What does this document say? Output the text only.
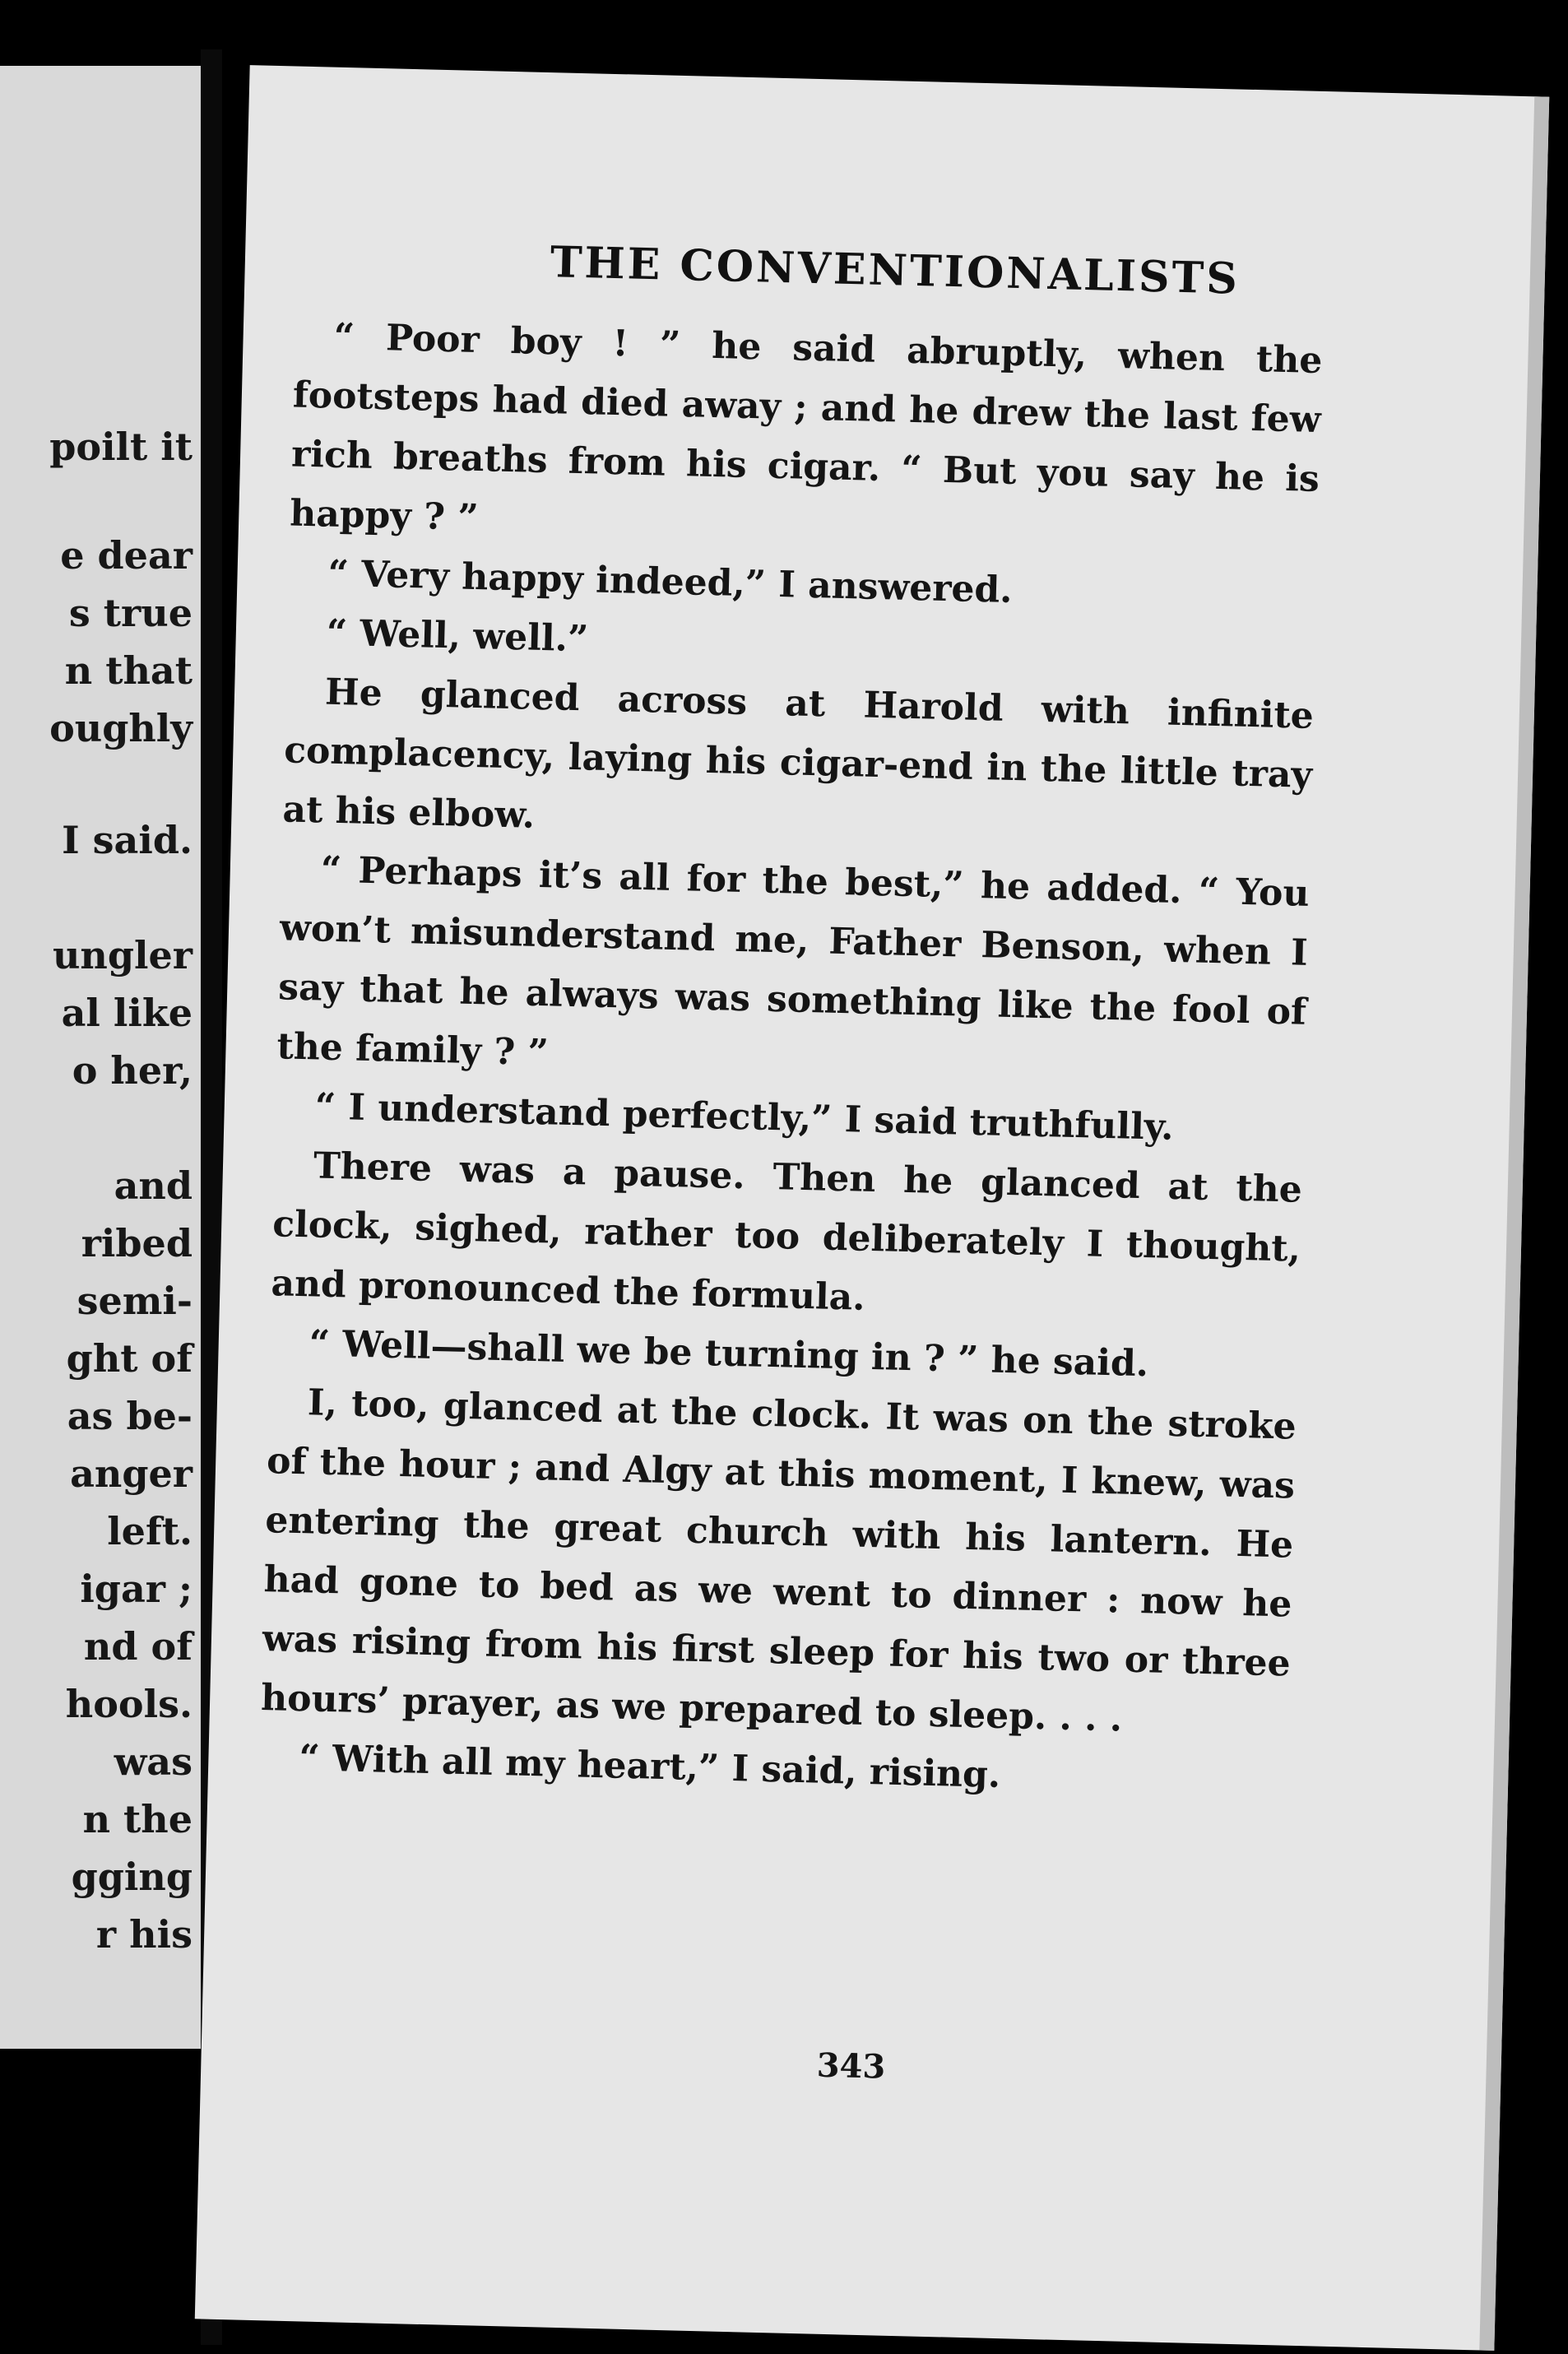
poilt it
e dear
s true
n that
oughly
I said.
ungler
al like
o her,
and
ribed
semi-
ght of
as be-
anger
left.
igar ;
nd of
hools.
was
n the
gging
r his
THE CONVENTIONALISTS

“ Poor boy ! ” he said abruptly, when the footsteps had died away ; and he drew the last few rich breaths from his cigar. “ But you say he is happy ? ”

“ Very happy indeed,” I answered.

“ Well, well.”

He glanced across at Harold with infinite complacency, laying his cigar-end in the little tray at his elbow.

“ Perhaps it’s all for the best,” he added. “ You won’t misunderstand me, Father Benson, when I say that he always was something like the fool of the family ? ”

“ I understand perfectly,” I said truthfully.

There was a pause. Then he glanced at the clock, sighed, rather too deliberately I thought, and pronounced the formula.

“ Well—shall we be turning in ? ” he said.

I, too, glanced at the clock. It was on the stroke of the hour ; and Algy at this moment, I knew, was entering the great church with his lantern. He had gone to bed as we went to dinner : now he was rising from his first sleep for his two or three hours’ prayer, as we prepared to sleep. . . .

“ With all my heart,” I said, rising.

343
